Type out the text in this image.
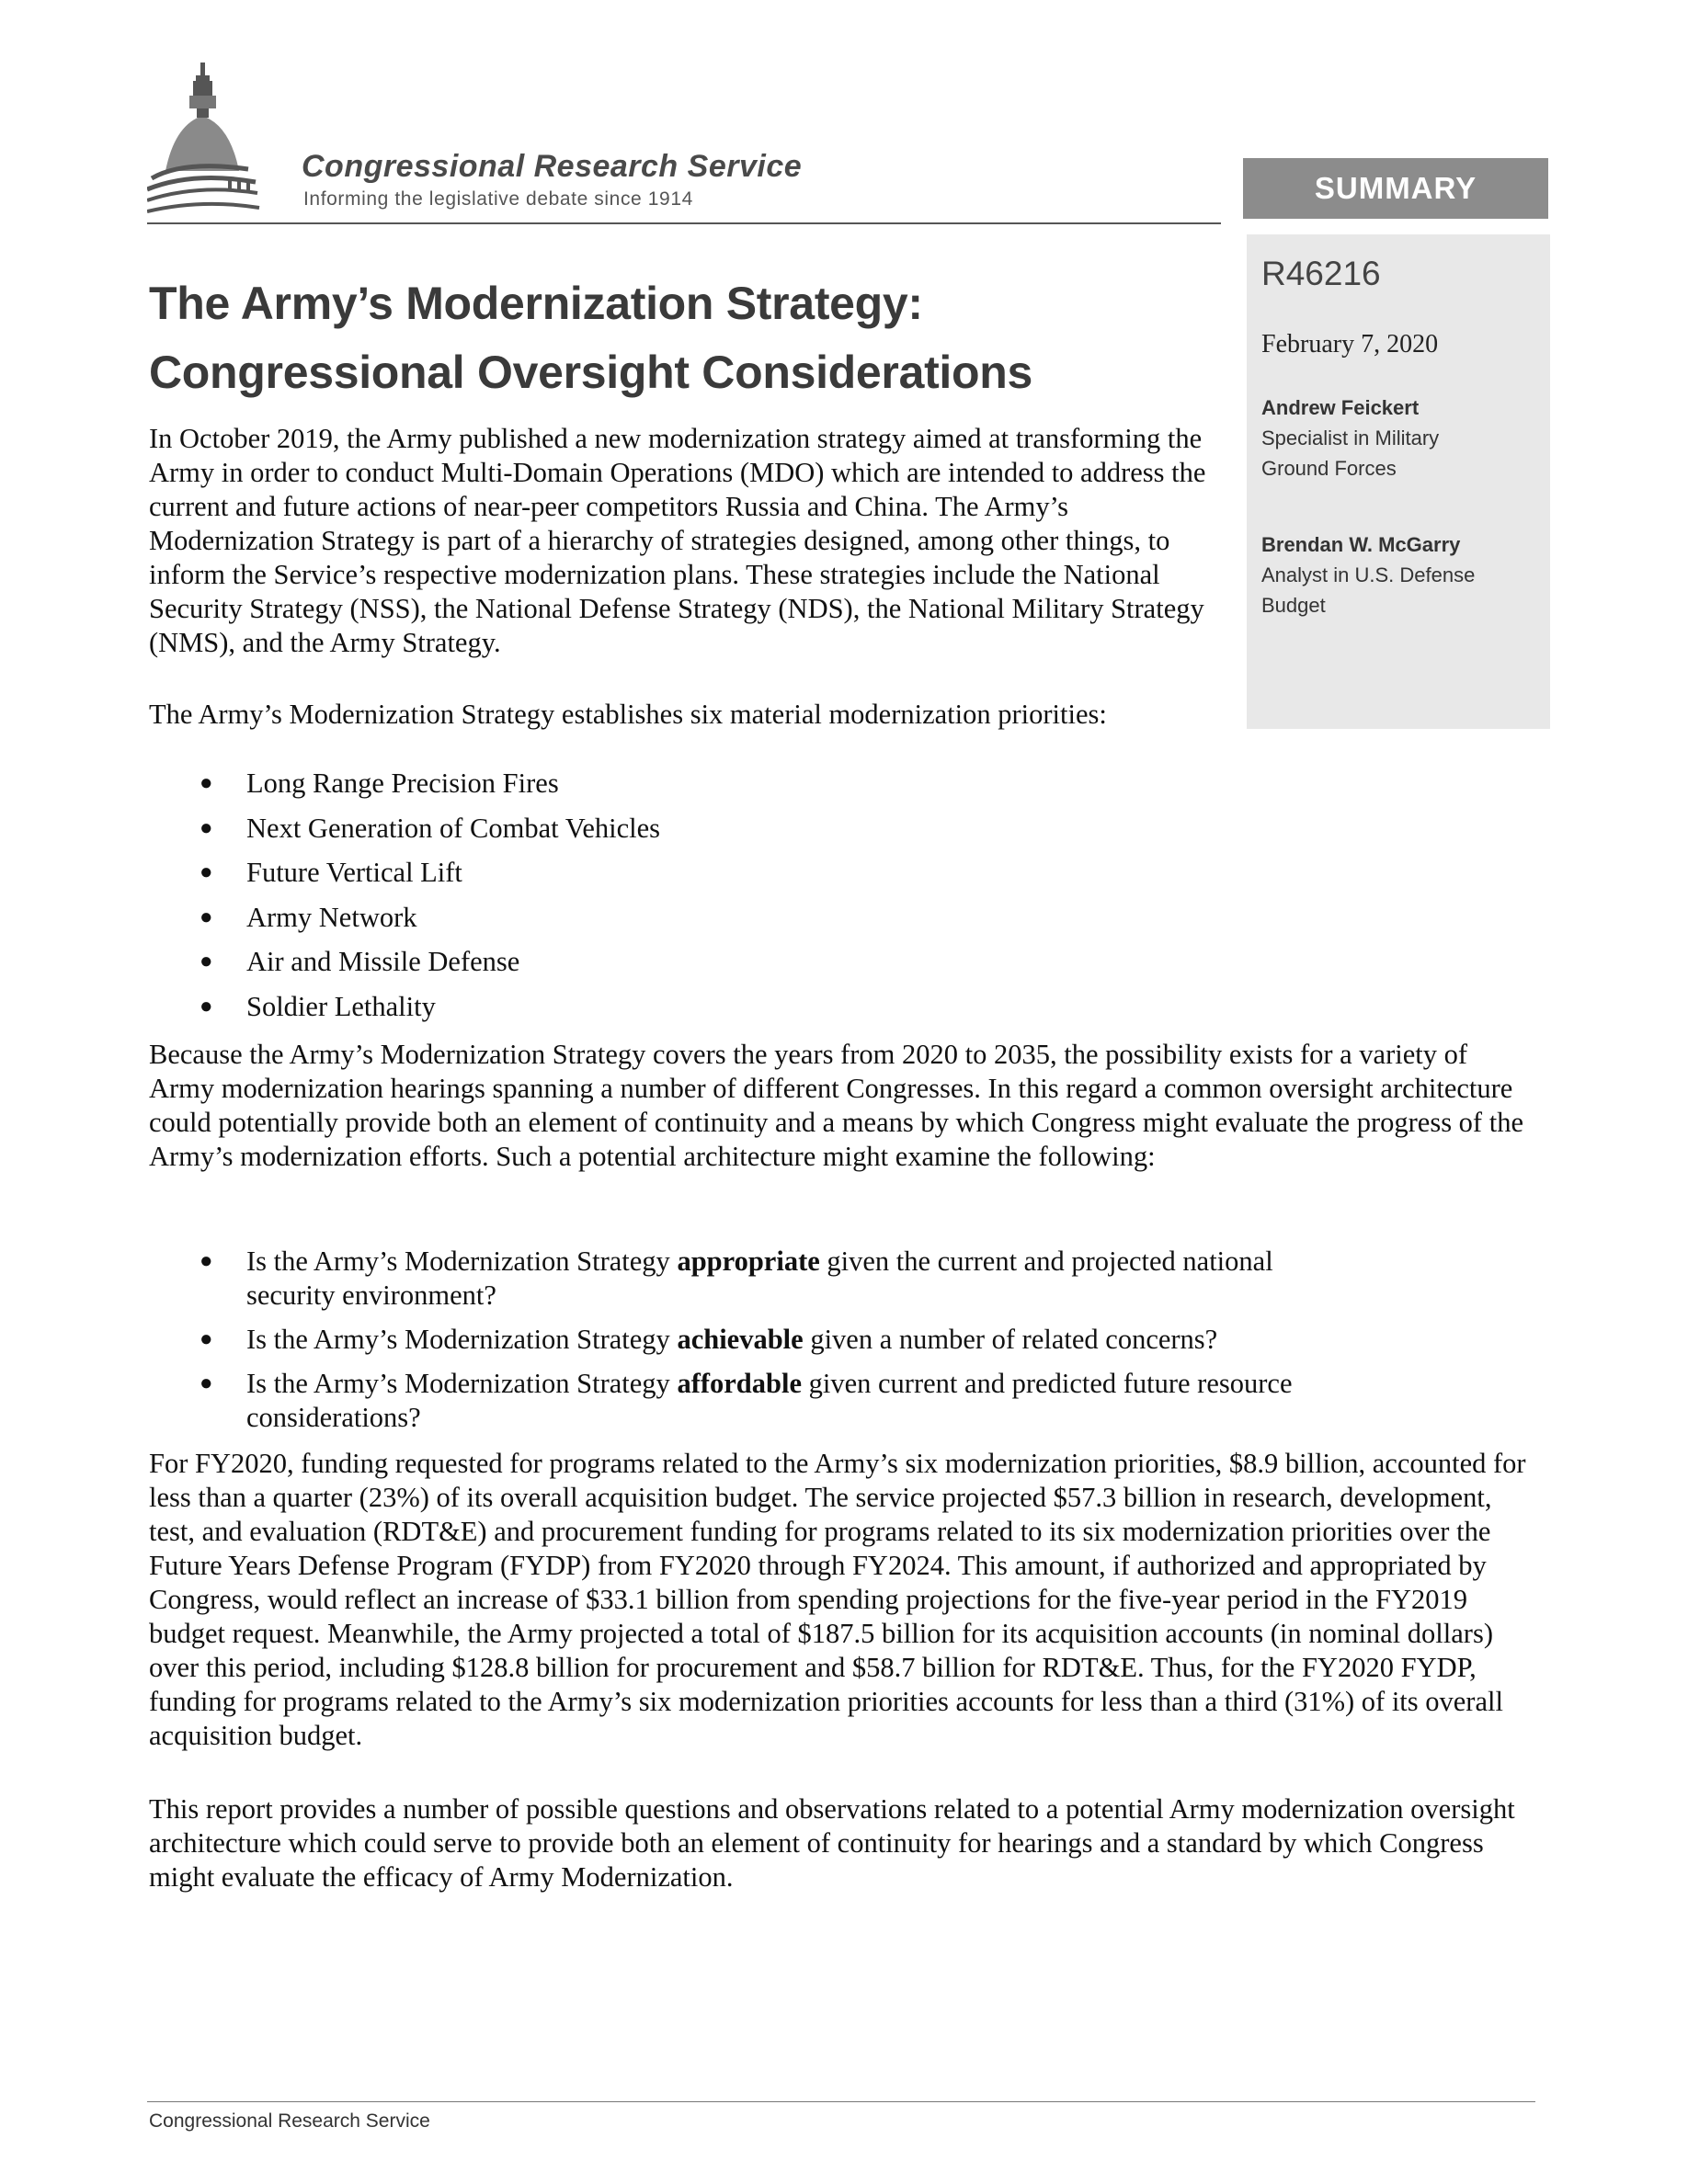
Congressional Research Service
Informing the legislative debate since 1914	SUMMARY
R46216
February 7, 2020
Andrew Feickert
Specialist in Military
Ground Forces
Brendan W. McGarry
Analyst in U.S. Defense
Budget
The Army’s Modernization Strategy:
Congressional Oversight Considerations
In October 2019, the Army published a new modernization strategy aimed at transforming the Army in order to conduct Multi-Domain Operations (MDO) which are intended to address the current and future actions of near-peer competitors Russia and China. The Army’s Modernization Strategy is part of a hierarchy of strategies designed, among other things, to inform the Service’s respective modernization plans. These strategies include the National Security Strategy (NSS), the National Defense Strategy (NDS), the National Military Strategy (NMS), and the Army Strategy.
The Army’s Modernization Strategy establishes six material modernization priorities:
● Long Range Precision Fires
● Next Generation of Combat Vehicles
● Future Vertical Lift
● Army Network
● Air and Missile Defense
● Soldier Lethality
Because the Army’s Modernization Strategy covers the years from 2020 to 2035, the possibility exists for a variety of Army modernization hearings spanning a number of different Congresses. In this regard a common oversight architecture could potentially provide both an element of continuity and a means by which Congress might evaluate the progress of the Army’s modernization efforts. Such a potential architecture might examine the following:
● Is the Army’s Modernization Strategy appropriate given the current and projected national
security environment?
● Is the Army’s Modernization Strategy achievable given a number of related concerns?
● Is the Army’s Modernization Strategy affordable given current and predicted future resource
considerations?
For FY2020, funding requested for programs related to the Army’s six modernization priorities, $8.9 billion, accounted for less than a quarter (23%) of its overall acquisition budget. The service projected $57.3 billion in research, development, test, and evaluation (RDT&E) and procurement funding for programs related to its six modernization priorities over the Future Years Defense Program (FYDP) from FY2020 through FY2024. This amount, if authorized and appropriated by Congress, would reflect an increase of $33.1 billion from spending projections for the five-year period in the FY2019 budget request. Meanwhile, the Army projected a total of $187.5 billion for its acquisition accounts (in nominal dollars) over this period, including $128.8 billion for procurement and $58.7 billion for RDT&E. Thus, for the FY2020 FYDP, funding for programs related to the Army’s six modernization priorities accounts for less than a third (31%) of its overall acquisition budget.
This report provides a number of possible questions and observations related to a potential Army modernization oversight architecture which could serve to provide both an element of continuity for hearings and a standard by which Congress might evaluate the efficacy of Army Modernization.
Congressional Research Service
